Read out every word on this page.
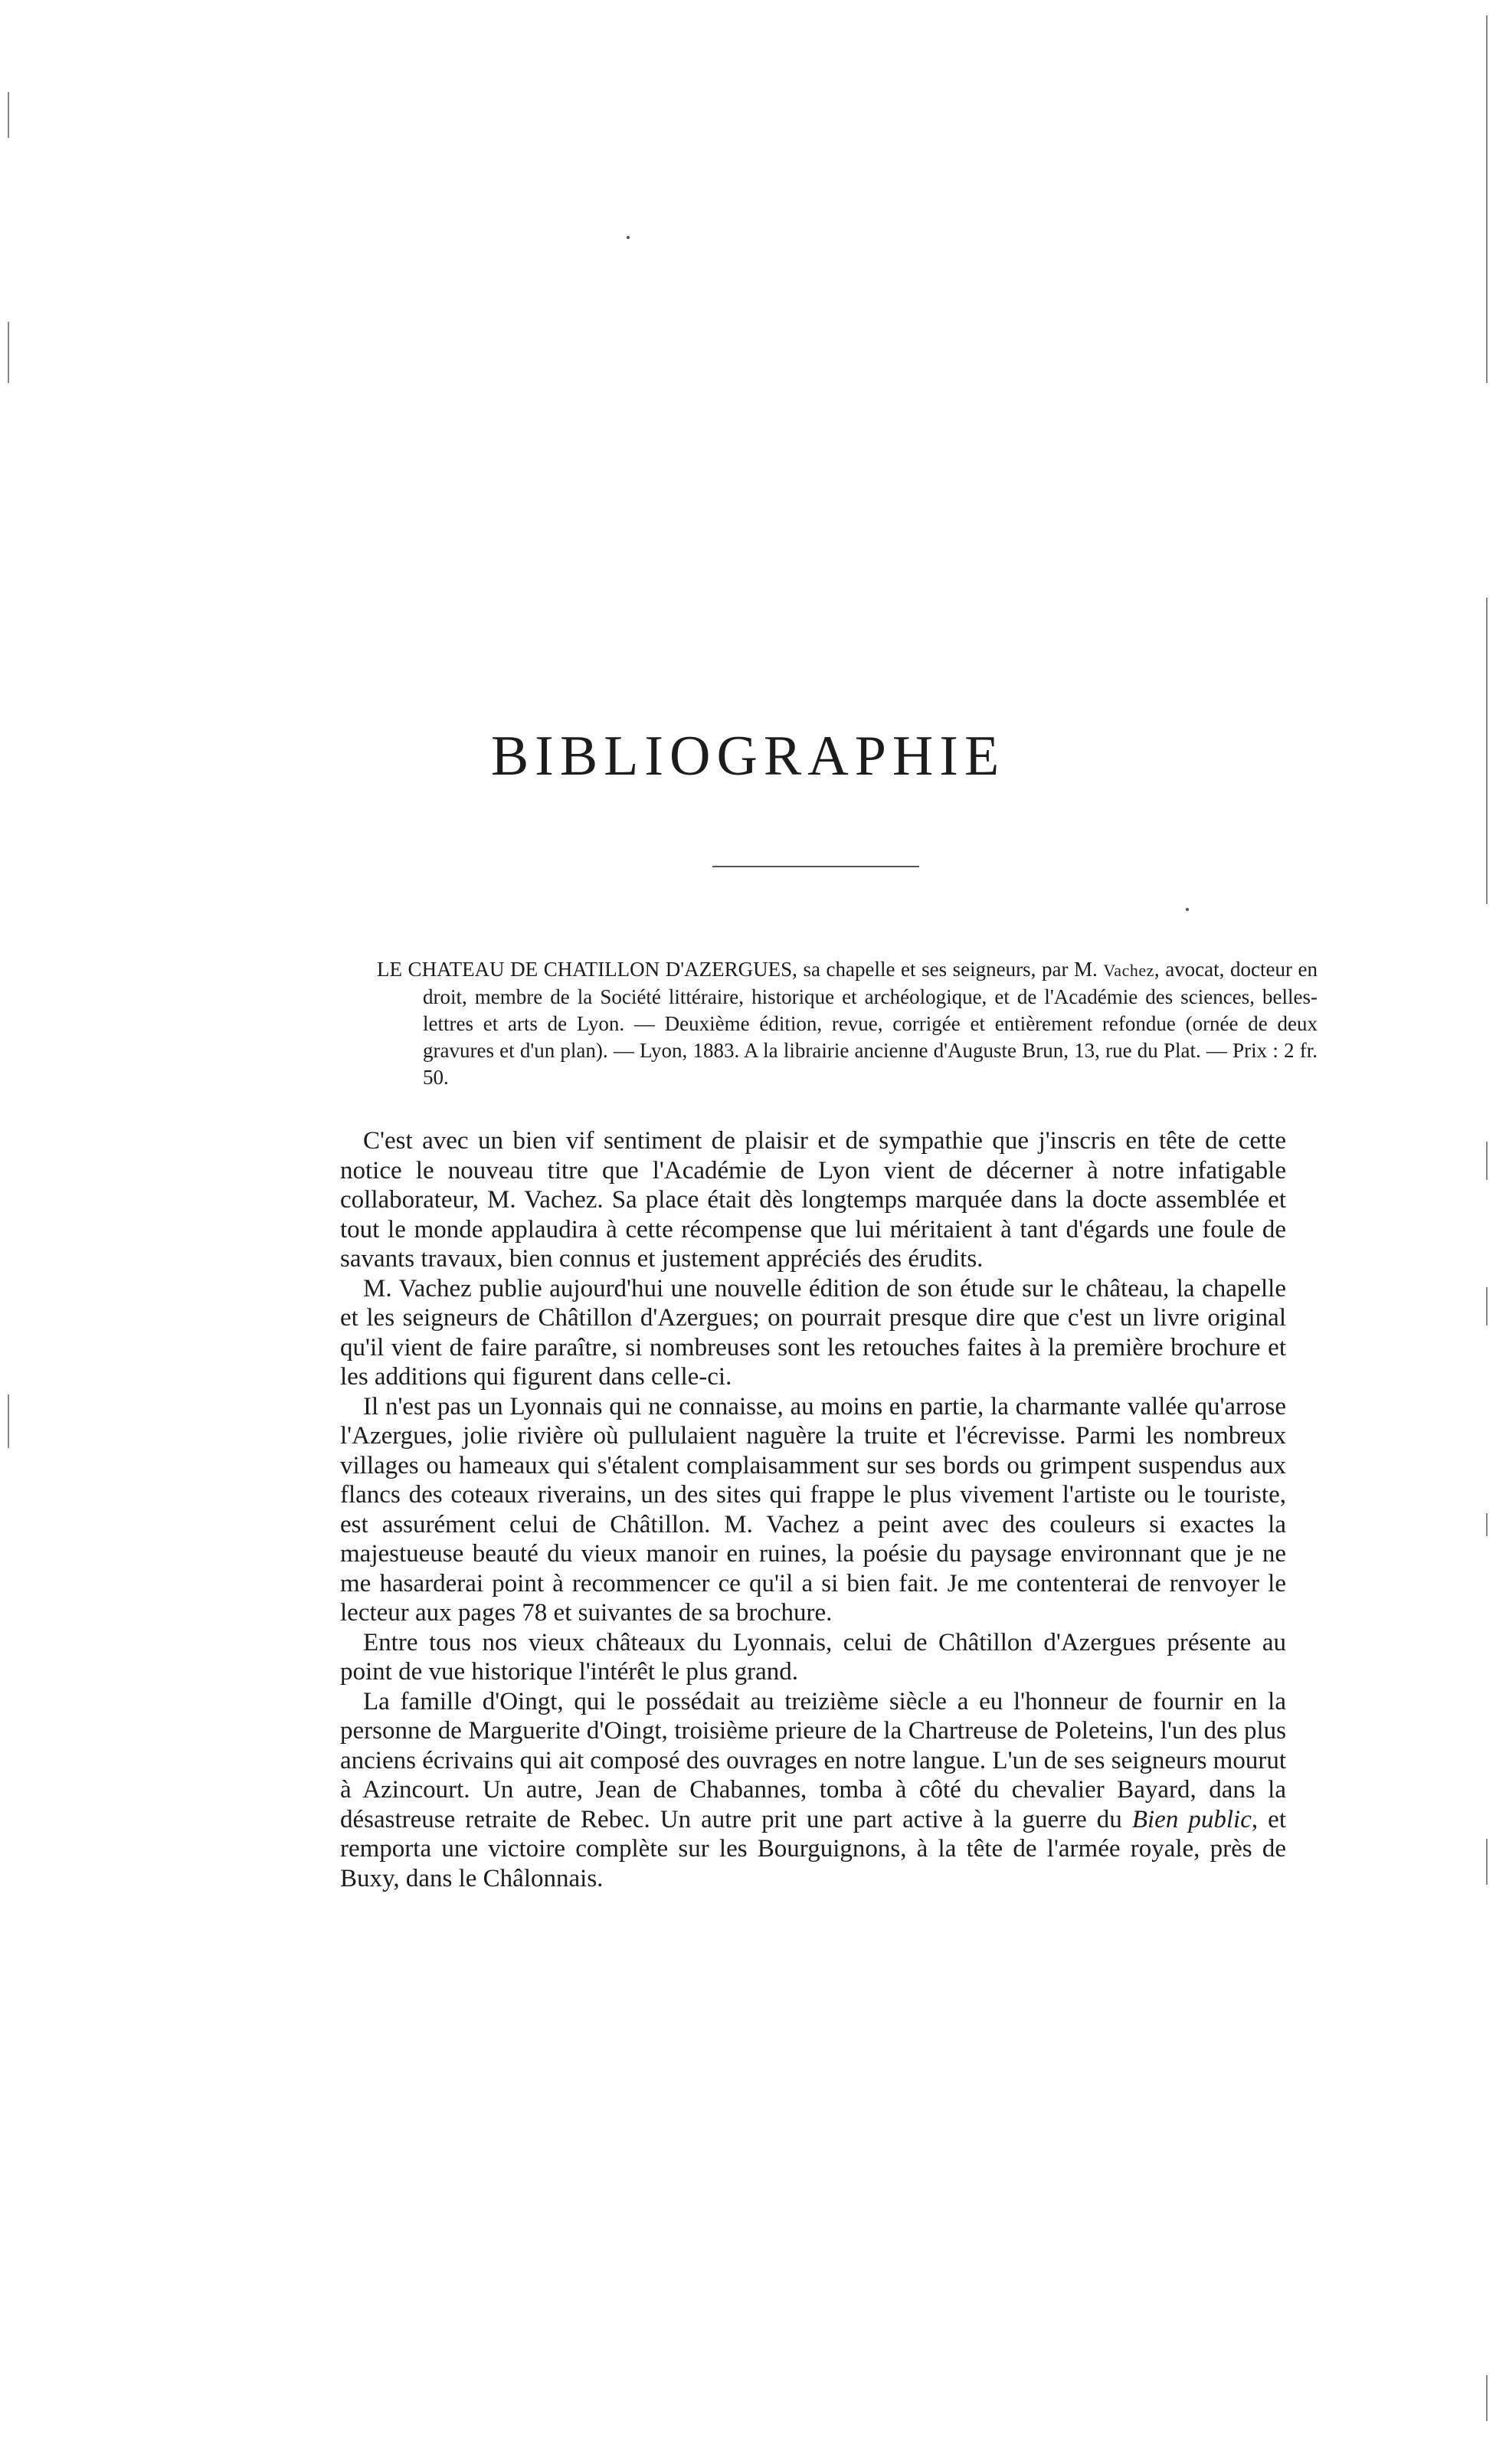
BIBLIOGRAPHIE

LE CHATEAU DE CHATILLON D'AZERGUES, sa chapelle et ses seigneurs, par M. Vachez, avocat, docteur en droit, membre de la Société littéraire, historique et archéologique, et de l'Académie des sciences, belles-lettres et arts de Lyon. — Deuxième édition, revue, corrigée et entièrement refondue (ornée de deux gravures et d'un plan). — Lyon, 1883. A la librairie ancienne d'Auguste Brun, 13, rue du Plat. — Prix : 2 fr. 50.

C'est avec un bien vif sentiment de plaisir et de sympathie que j'inscris en tête de cette notice le nouveau titre que l'Académie de Lyon vient de décerner à notre infatigable collaborateur, M. Vachez. Sa place était dès longtemps marquée dans la docte assemblée et tout le monde applaudira à cette récompense que lui méritaient à tant d'égards une foule de savants travaux, bien connus et justement appréciés des érudits.

M. Vachez publie aujourd'hui une nouvelle édition de son étude sur le château, la chapelle et les seigneurs de Châtillon d'Azergues; on pourrait presque dire que c'est un livre original qu'il vient de faire paraître, si nombreuses sont les retouches faites à la première brochure et les additions qui figurent dans celle-ci.

Il n'est pas un Lyonnais qui ne connaisse, au moins en partie, la charmante vallée qu'arrose l'Azergues, jolie rivière où pullulaient naguère la truite et l'écrevisse. Parmi les nombreux villages ou hameaux qui s'étalent complaisamment sur ses bords ou grimpent suspendus aux flancs des coteaux riverains, un des sites qui frappe le plus vivement l'artiste ou le touriste, est assurément celui de Châtillon. M. Vachez a peint avec des couleurs si exactes la majestueuse beauté du vieux manoir en ruines, la poésie du paysage environnant que je ne me hasarderai point à recommencer ce qu'il a si bien fait. Je me contenterai de renvoyer le lecteur aux pages 78 et suivantes de sa brochure.

Entre tous nos vieux châteaux du Lyonnais, celui de Châtillon d'Azergues présente au point de vue historique l'intérêt le plus grand.

La famille d'Oingt, qui le possédait au treizième siècle a eu l'honneur de fournir en la personne de Marguerite d'Oingt, troisième prieure de la Chartreuse de Poleteins, l'un des plus anciens écrivains qui ait composé des ouvrages en notre langue. L'un de ses seigneurs mourut à Azincourt. Un autre, Jean de Chabannes, tomba à côté du chevalier Bayard, dans la désastreuse retraite de Rebec. Un autre prit une part active à la guerre du Bien public, et remporta une victoire complète sur les Bourguignons, à la tête de l'armée royale, près de Buxy, dans le Châlonnais.
